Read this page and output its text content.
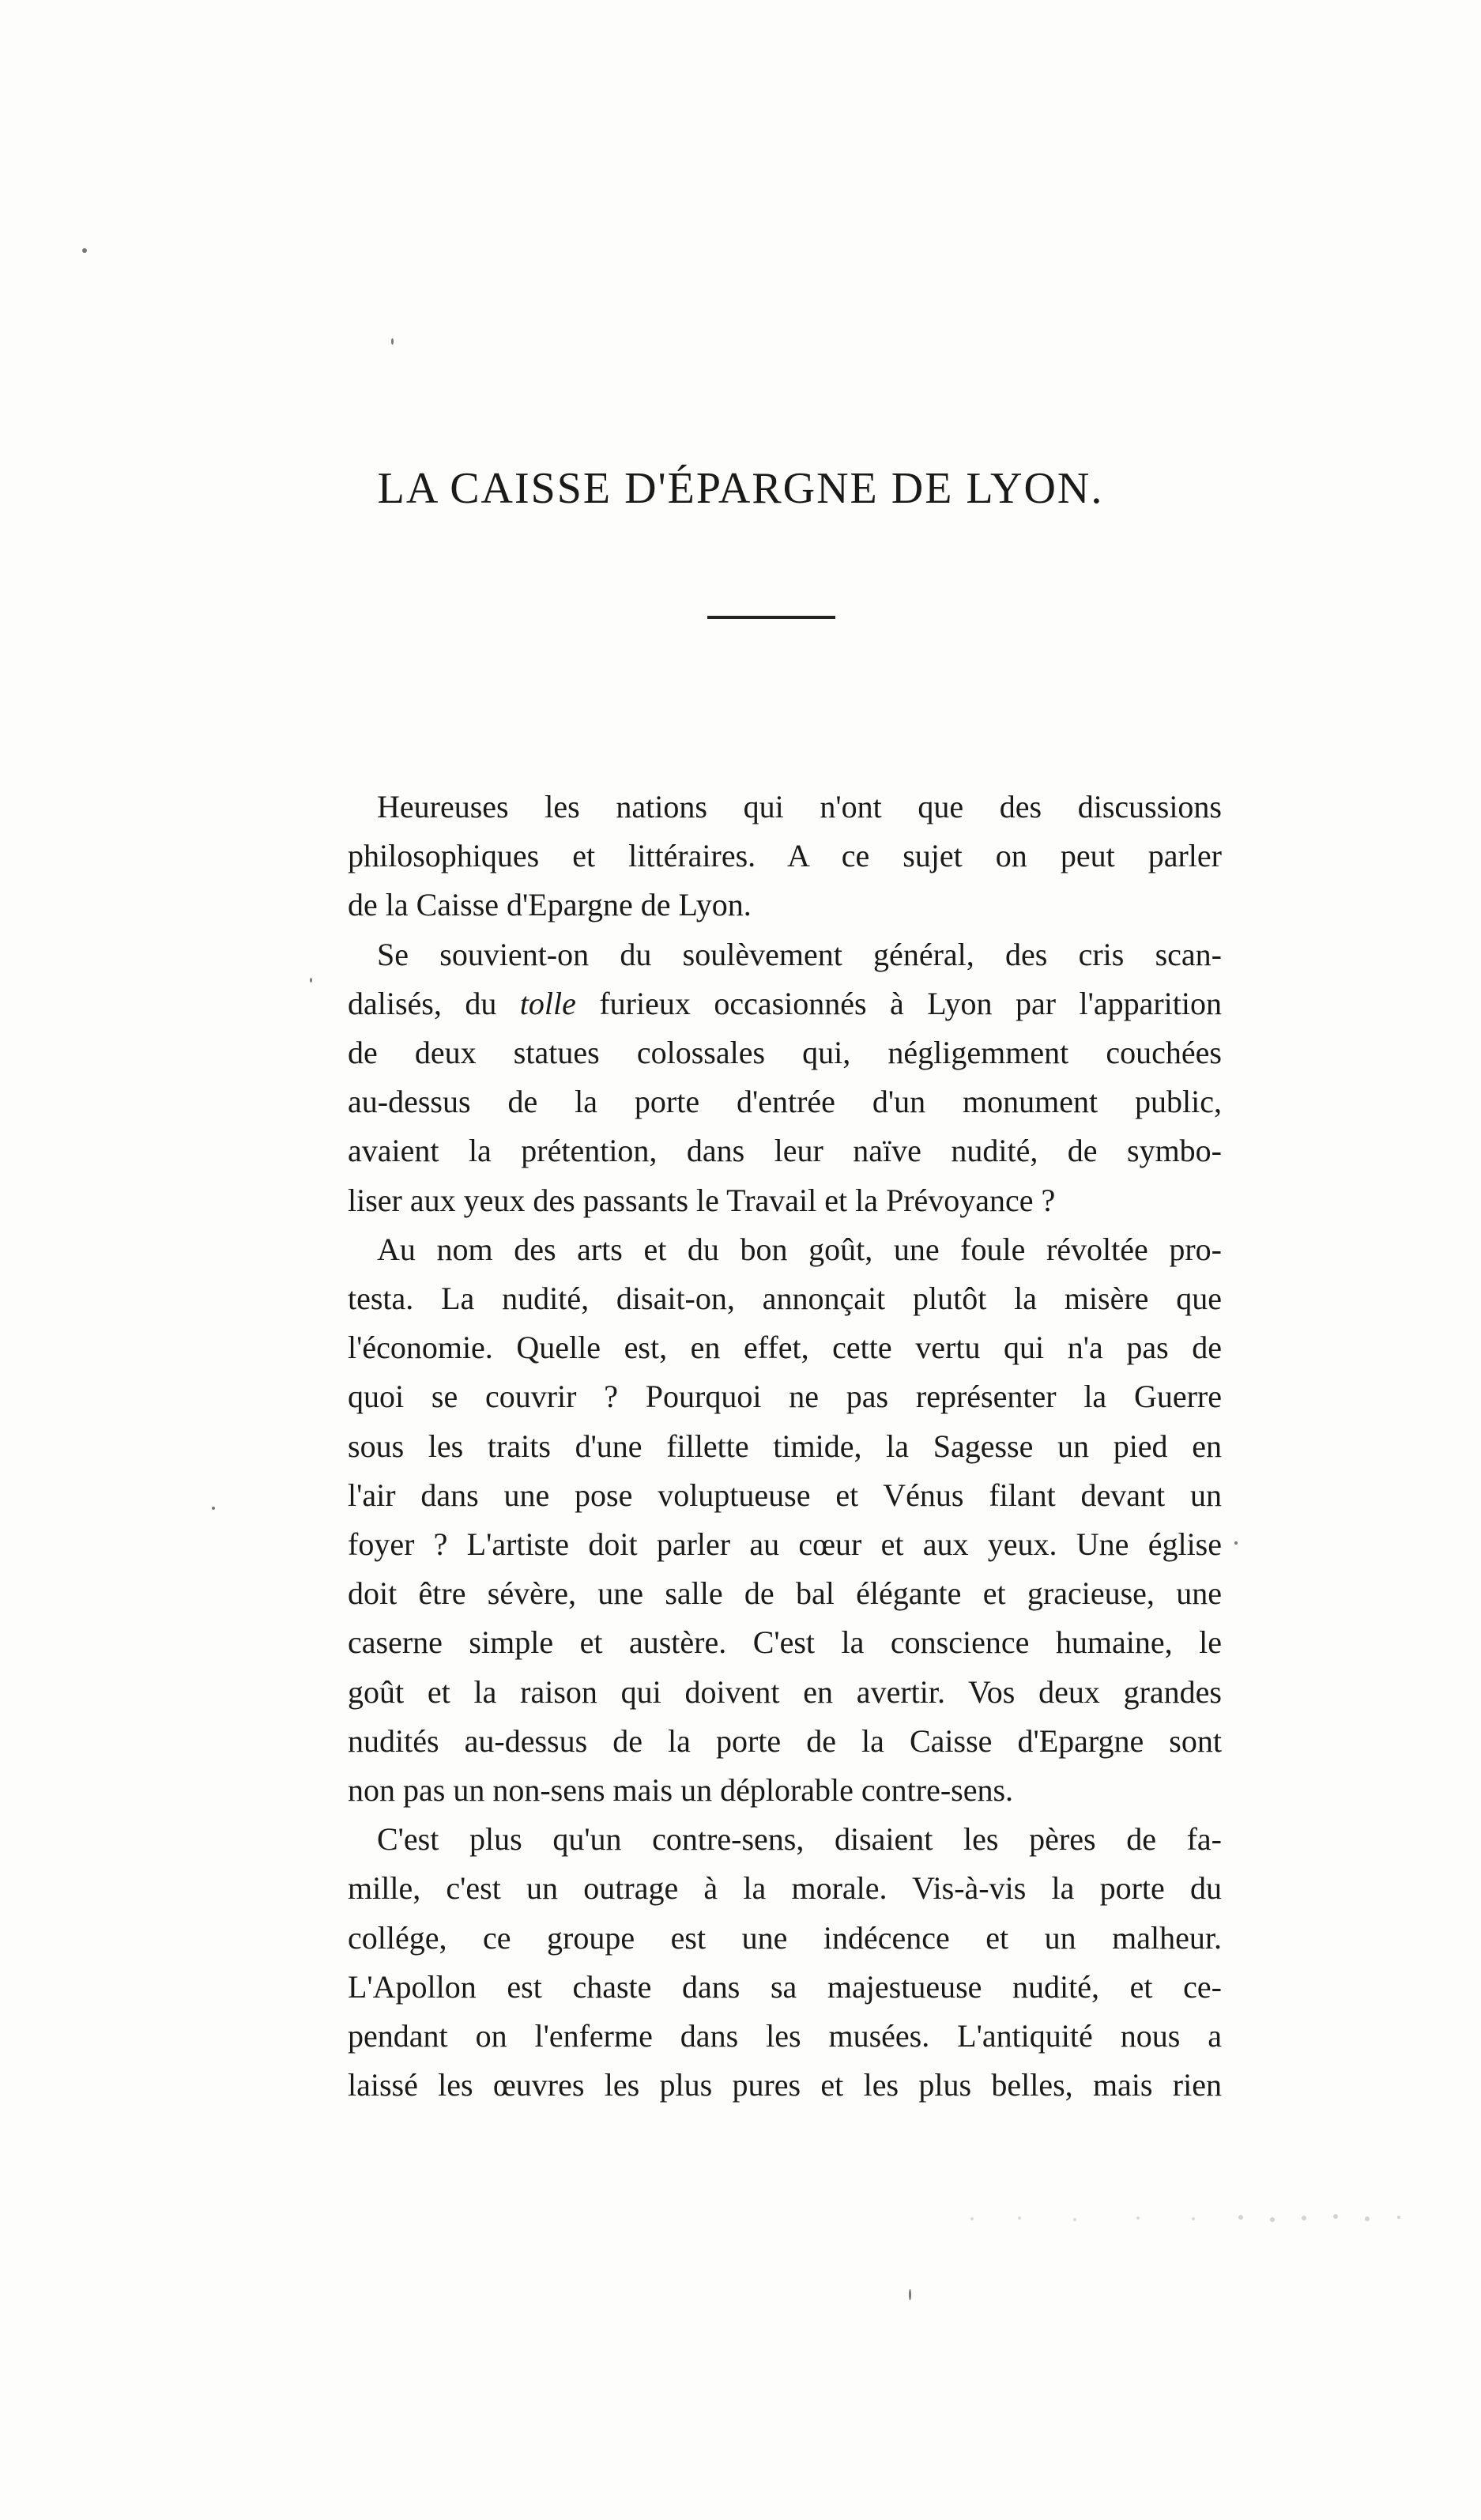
LA CAISSE D'ÉPARGNE DE LYON.

Heureuses les nations qui n'ont que des discussions
philosophiques et littéraires. A ce sujet on peut parler
de la Caisse d'Epargne de Lyon.

Se souvient-on du soulèvement général, des cris scan-
dalisés, du tolle furieux occasionnés à Lyon par l'apparition
de deux statues colossales qui, négligemment couchées
au-dessus de la porte d'entrée d'un monument public,
avaient la prétention, dans leur naïve nudité, de symbo-
liser aux yeux des passants le Travail et la Prévoyance ?

Au nom des arts et du bon goût, une foule révoltée pro-
testa. La nudité, disait-on, annonçait plutôt la misère que
l'économie. Quelle est, en effet, cette vertu qui n'a pas de
quoi se couvrir ? Pourquoi ne pas représenter la Guerre
sous les traits d'une fillette timide, la Sagesse un pied en
l'air dans une pose voluptueuse et Vénus filant devant un
foyer ? L'artiste doit parler au cœur et aux yeux. Une église
doit être sévère, une salle de bal élégante et gracieuse, une
caserne simple et austère. C'est la conscience humaine, le
goût et la raison qui doivent en avertir. Vos deux grandes
nudités au-dessus de la porte de la Caisse d'Epargne sont
non pas un non-sens mais un déplorable contre-sens.

C'est plus qu'un contre-sens, disaient les pères de fa-
mille, c'est un outrage à la morale. Vis-à-vis la porte du
collége, ce groupe est une indécence et un malheur.
L'Apollon est chaste dans sa majestueuse nudité, et ce-
pendant on l'enferme dans les musées. L'antiquité nous a
laissé les œuvres les plus pures et les plus belles, mais rien
